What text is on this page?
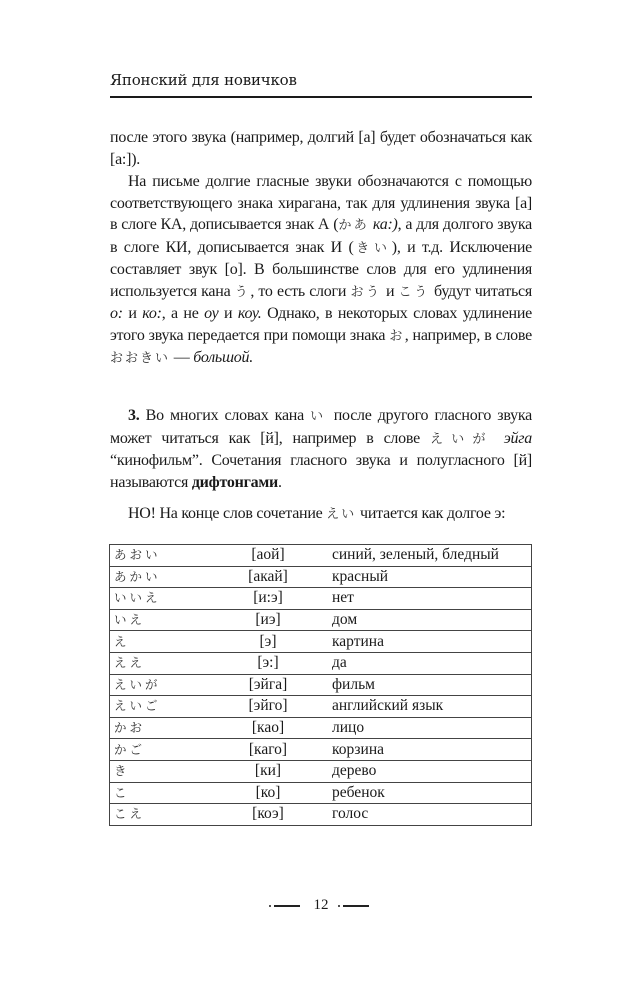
Японский для новичков

после этого звука (например, долгий [a] будет обозначаться как [a:]).

На письме долгие гласные звуки обозначаются с помощью соответствующего знака хирагана, так для удлинения звука [a] в слоге КА, дописывается знак А (かあ ка:), а для долгого звука в слоге КИ, дописывается знак И (きい), и т.д. Исключение составляет звук [o]. В большинстве слов для его удлинения используется кана う, то есть слоги おう и こう будут читаться о: и ко:, а не оу и коу. Однако, в некоторых словах удлинение этого звука передается при помощи знака お, например, в слове おおきい — большой.

3. Во многих словах кана い после другого гласного звука может читаться как [й], например в слове えいが эйга “кинофильм”. Сочетания гласного звука и полугласного [й] называются дифтонгами.

НО! На конце слов сочетание えい читается как долгое э:

あおい	[аой]	синий, зеленый, бледный
あかい	[акай]	красный
いいえ	[и:э]	нет
いえ	[иэ]	дом
え	[э]	картина
ええ	[э:]	да
えいが	[эйга]	фильм
えいご	[эйго]	английский язык
かお	[као]	лицо
かご	[каго]	корзина
き	[ки]	дерево
こ	[ко]	ребенок
こえ	[коэ]	голос
12
